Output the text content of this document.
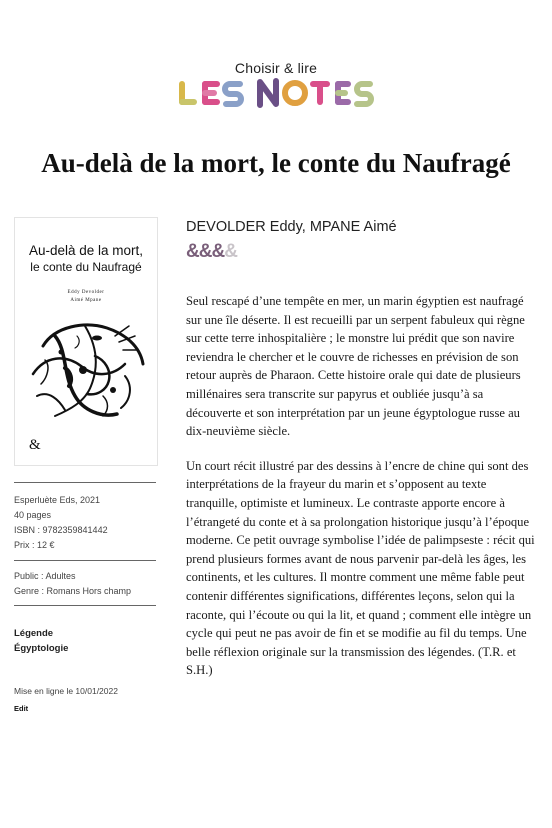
Choisir & lire
Au-delà de la mort, le conte du Naufragé
Au-delà de la mort,
le conte du Naufragé
Eddy Devolder
Aimé Mpane
&
DEVOLDER Eddy, MPANE Aimé
&&&&

Seul rescapé d’une tempête en mer, un marin égyptien est naufragé sur une île déserte. Il est recueilli par un serpent fabuleux qui règne sur cette terre inhospitalière ; le monstre lui prédit que son navire reviendra le chercher et le couvre de richesses en prévision de son retour auprès de Pharaon. Cette histoire orale qui date de plusieurs millénaires sera transcrite sur papyrus et oubliée jusqu’à sa découverte et son interprétation par un jeune égyptologue russe au dix-neuvième siècle.

Un court récit illustré par des dessins à l’encre de chine qui sont des interprétations de la frayeur du marin et s’opposent au texte tranquille, optimiste et lumineux. Le contraste apporte encore à l’étrangeté du conte et à sa prolongation historique jusqu’à l’époque moderne. Ce petit ouvrage symbolise l’idée de palimpseste : récit qui prend plusieurs formes avant de nous parvenir par-delà les âges, les continents, et les cultures. Il montre comment une même fable peut contenir différentes significations, différentes leçons, selon qui la raconte, qui l’écoute ou qui la lit, et quand ; comment elle intègre un cycle qui peut ne pas avoir de fin et se modifie au fil du temps. Une belle réflexion originale sur la transmission des légendes. (T.R. et S.H.)

Esperluète Eds, 2021
40 pages
ISBN : 9782359841442
Prix : 12 €
Public : Adultes
Genre : Romans Hors champ
Légende
Égyptologie
Mise en ligne le 10/01/2022
Edit
